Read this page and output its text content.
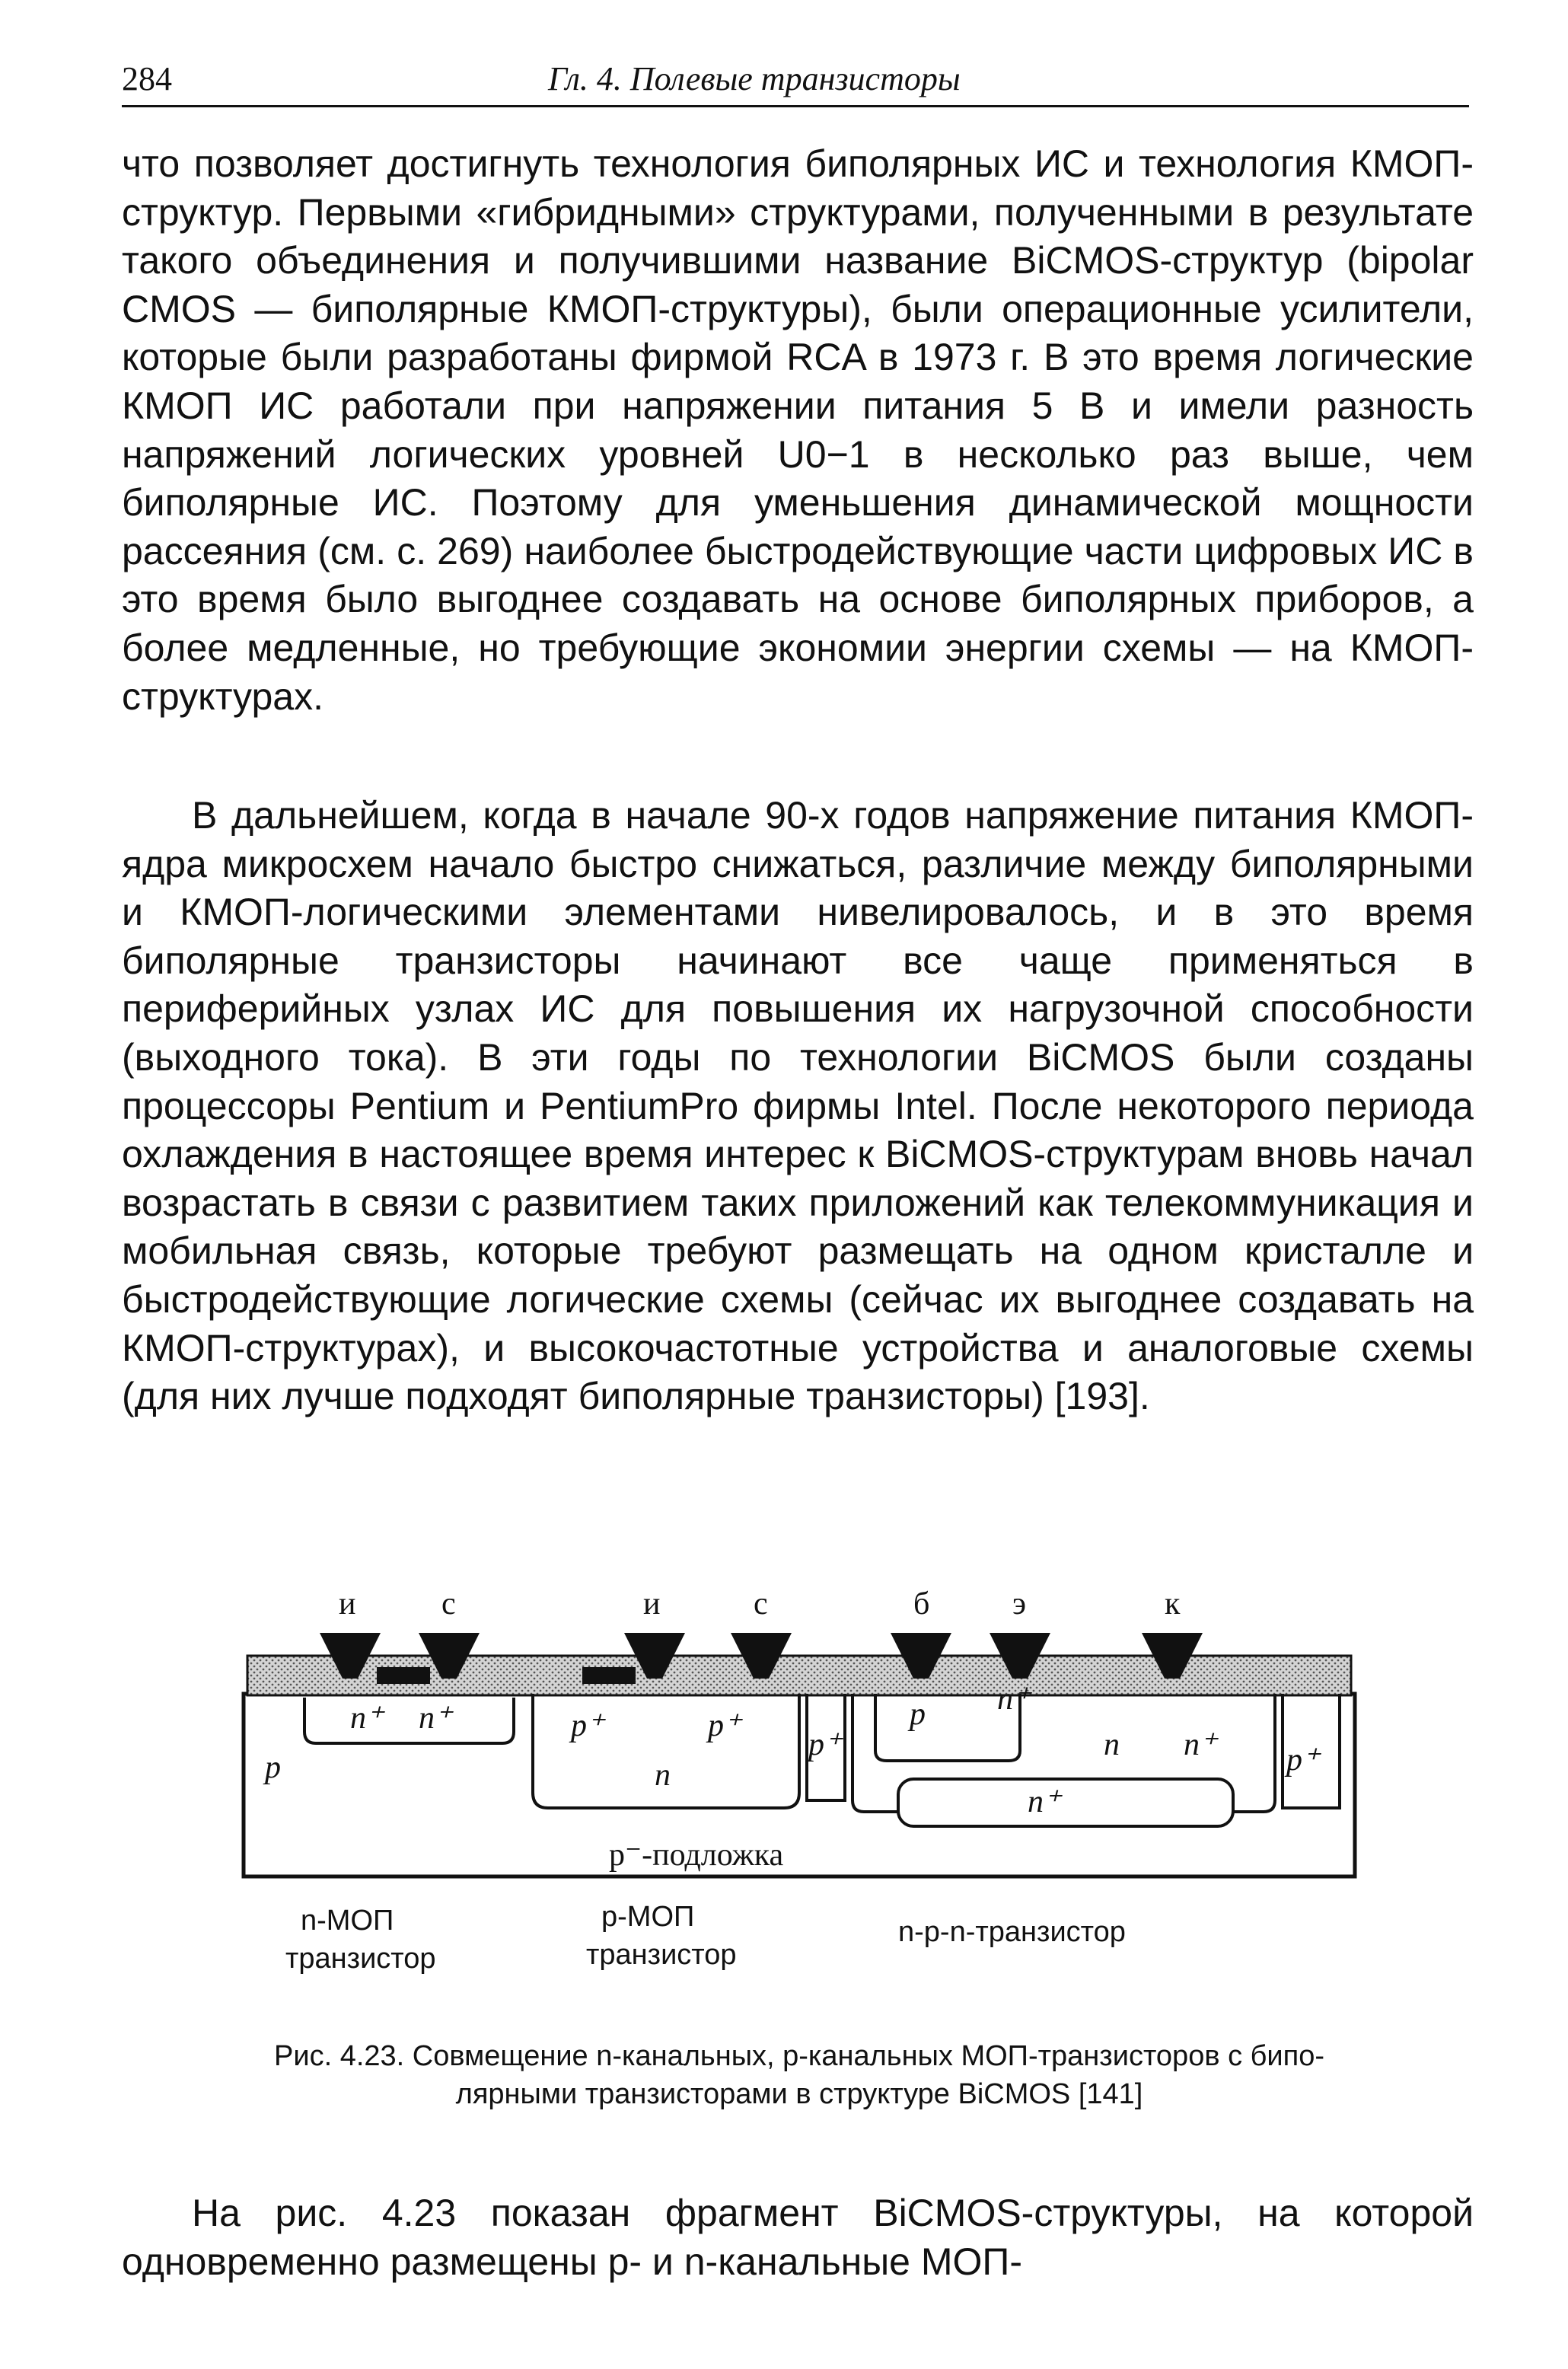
284	Гл. 4. Полевые транзисторы
что позволяет достигнуть технология биполярных ИС и технология КМОП-структур. Первыми «гибридными» структурами, полученными в результате такого объединения и получившими название BiCMOS-структур (bipolar CMOS — биполярные КМОП-структуры), были операционные усилители, которые были разработаны фирмой RCA в 1973 г. В это время логические КМОП ИС работали при напряжении питания 5 В и имели разность напряжений логических уровней U0−1 в несколько раз выше, чем биполярные ИС. Поэтому для уменьшения динамической мощности рассеяния (см. с. 269) наиболее быстродействующие части цифровых ИС в это время было выгоднее создавать на основе биполярных приборов, а более медленные, но требующие экономии энергии схемы — на КМОП-структурах.
В дальнейшем, когда в начале 90-х годов напряжение питания КМОП-ядра микросхем начало быстро снижаться, различие между биполярными и КМОП-логическими элементами нивелировалось, и в это время биполярные транзисторы начинают все чаще применяться в периферийных узлах ИС для повышения их нагрузочной способности (выходного тока). В эти годы по технологии BiCMOS были созданы процессоры Pentium и PentiumPro фирмы Intel. После некоторого периода охлаждения в настоящее время интерес к BiCMOS-структурам вновь начал возрастать в связи с развитием таких приложений как телекоммуникация и мобильная связь, которые требуют размещать на одном кристалле и быстродействующие логические схемы (сейчас их выгоднее создавать на КМОП-структурах), и высокочастотные устройства и аналоговые схемы (для них лучше подходят биполярные транзисторы) [193].
и	с	и	с	б	э	к
p
n⁺ n⁺	p⁺	p⁺
n
p⁺
p n⁺
n n⁺ p⁺
n⁺
p⁻-подложка
n-МОП
транзистор
p-МОП
транзистор
n-p-n-транзистор
Рис. 4.23. Совмещение n-канальных, p-канальных МОП-транзисторов с бипо-
лярными транзисторами в структуре BiCMOS [141]
На рис. 4.23 показан фрагмент BiCMOS-структуры, на которой одновременно размещены p- и n-канальные МОП-
